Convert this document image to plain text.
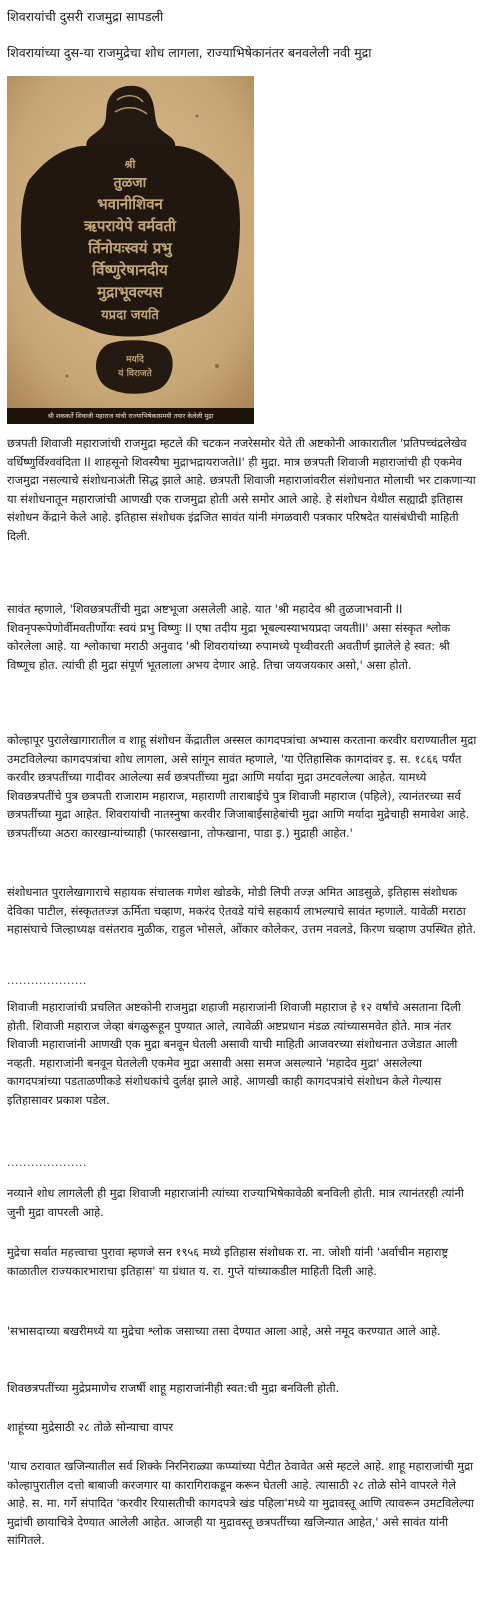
शिवरायांची दुसरी राजमुद्रा सापडली
शिवरायांच्या दुस-या राजमुद्रेचा शोध लागला, राज्याभिषेकानंतर बनवलेली नवी मुद्रा
श्री
तुळजा
भवानीशिवन
ऋपरायेपे वर्मवती
र्तिनोयःस्वयं प्रभु
र्विष्णुरेषानदीय
मुद्राभूवल्यस
यप्रदा जयति
मर्यादे
यं विराजते
श्री शककर्ते शिवाजी महाराज यांची राज्याभिषेकासमयी तयार केलेली मुद्रा

छत्रपती शिवाजी महाराजांची राजमुद्रा म्हटले की चटकन नजरेसमोर येते ती अष्टकोनी आकारातील 'प्रतिपच्चंद्रलेखेव वर्धिष्णुर्विश्ववंदिता II शाहसूनो शिवस्यैषा मुद्राभद्रायराजतेII' ही मुद्रा. मात्र छत्रपती शिवाजी महाराजांची ही एकमेव राजमुद्रा नसल्याचे संशोधनाअंती सिद्ध झाले आहे. छत्रपती शिवाजी महाराजांवरील संशोधनात मोलाची भर टाकणाऱ्या या संशोधनातून महाराजांची आणखी एक राजमुद्रा होती असे समोर आले आहे. हे संशोधन येथील सह्याद्री इतिहास संशोधन केंद्राने केले आहे. इतिहास संशोधक इंद्रजित सावंत यांनी मंगळवारी पत्रकार परिषदेत यासंबंधीची माहिती दिली.

सावंत म्हणाले, 'शिवछत्रपतींची मुद्रा अष्टभूजा असलेली आहे. यात 'श्री महादेव श्री तुळजाभवानी II शिवनृपरूपेणोर्वीमवतीर्णोयः स्वयं प्रभु विष्णुः II एषा तदीय मुद्रा भूबल्यस्याभयप्रदा जयतीII' असा संस्कृत श्लोक कोरलेला आहे. या श्लोकाचा मराठी अनुवाद 'श्री शिवरायांच्या रुपामध्ये पृथ्वीवरती अवतीर्ण झालेले हे स्वत: श्री विष्णूच होत. त्यांची ही मुद्रा संपूर्ण भूतलाला अभय देणार आहे. तिचा जयजयकार असो,' असा होतो.

कोल्हापूर पुरालेखागारातील व शाहू संशोधन केंद्रातील अस्सल कागदपत्रांचा अभ्यास करताना करवीर घराण्यातील मुद्रा उमटविलेल्या कागदपत्रांचा शोध लागला, असे सांगून सावंत म्हणाले, 'या ऐतिहासिक कागदांवर इ. स. १८६६ पर्यंत करवीर छत्रपतींच्या गादीवर आलेल्या सर्व छत्रपतींच्या मुद्रा आणि मर्यादा मुद्रा उमटवलेल्या आहेत. यामध्ये शिवछत्रपतींचे पुत्र छत्रपती राजाराम महाराज, महाराणी ताराबाईचे पुत्र शिवाजी महाराज (पहिले), त्यानंतरच्या सर्व छत्रपतींच्या मुद्रा आहेत. शिवरायांची नातस्नुषा करवीर जिजाबाईसाहेबांची मुद्रा आणि मर्यादा मुद्रेचाही समावेश आहे. छत्रपतींच्या अठरा कारखान्यांच्याही (फारसखाना, तोफखाना, पाडा इ.) मुद्राही आहेत.'

संशोधनात पुरालेखागाराचे सहायक संचालक गणेश खोडके, मोडी लिपी तज्ज्ञ अमित आडसुळे, इतिहास संशोधक देविका पाटील, संस्कृततज्ज्ञ ऊर्मिता चव्हाण, मकरंद ऐतवडे यांचे सहकार्य लाभल्याचे सावंत म्हणाले. यावेळी मराठा महासंघाचे जिल्हाध्यक्ष वसंतराव मुळीक, राहुल भोसले, ओंकार कोलेकर, उत्तम नवलडे, किरण चव्हाण उपस्थित होते.

....................

शिवाजी महाराजांची प्रचलित अष्टकोनी राजमुद्रा शहाजी महाराजांनी शिवाजी महाराज हे १२ वर्षांचे असताना दिली होती. शिवाजी महाराज जेव्हा बंगळुरूहून पुण्यात आले, त्यावेळी अष्टप्रधान मंडळ त्यांच्यासमवेत होते. मात्र नंतर शिवाजी महाराजांनी आणखी एक मुद्रा बनवून घेतली असावी याची माहिती आजवरच्या संशोधनात उजेडात आली नव्हती. महाराजांनी बनवून घेतलेली एकमेव मुद्रा असावी असा समज असल्याने 'महादेव मुद्रा' असलेल्या कागदपत्रांच्या पडताळणीकडे संशोधकांचे दुर्लक्ष झाले आहे. आणखी काही कागदपत्रांचे संशोधन केले गेल्यास इतिहासावर प्रकाश पडेल.

....................

नव्याने शोध लागलेली ही मुद्रा शिवाजी महाराजांनी त्यांच्या राज्याभिषेकावेळी बनविली होती. मात्र त्यानंतरही त्यांनी जुनी मुद्रा वापरली आहे.

मुद्रेचा सर्वात महत्त्वाचा पुरावा म्हणजे सन १९५६ मध्ये इतिहास संशोधक रा. ना. जोशी यांनी 'अर्वाचीन महाराष्ट्र काळातील राज्यकारभाराचा इतिहास' या ग्रंथात य. रा. गुप्ते यांच्याकडील माहिती दिली आहे.

'सभासदाच्या बखरीमध्ये या मुद्रेचा श्लोक जसाच्या तसा देण्यात आला आहे, असे नमूद करण्यात आले आहे.

शिवछत्रपतींच्या मुद्रेप्रमाणेच राजर्षी शाहू महाराजांनीही स्वत:ची मुद्रा बनविली होती.

शाहूंच्या मुद्रेसाठी २८ तोळे सोन्याचा वापर

'याच ठरावात खजिन्यातील सर्व शिक्के निरनिराळ्या कप्प्यांच्या पेटीत ठेवावेत असे म्हटले आहे. शाहू महाराजांची मुद्रा कोल्हापुरातील दत्तो बाबाजी करजगार या कारागिराकडून करून घेतली आहे. त्यासाठी २८ तोळे सोने वापरले गेले आहे. स. मा. गर्गे संपादित 'करवीर रियासतीची कागदपत्रे खंड पहिला'मध्ये या मुद्रावस्तू आणि त्यावरून उमटविलेल्या मुद्रांची छायाचित्रे देण्यात आलेली आहेत. आजही या मुद्रावस्तू छत्रपतींच्या खजिन्यात आहेत,' असे सावंत यांनी सांगितले.
